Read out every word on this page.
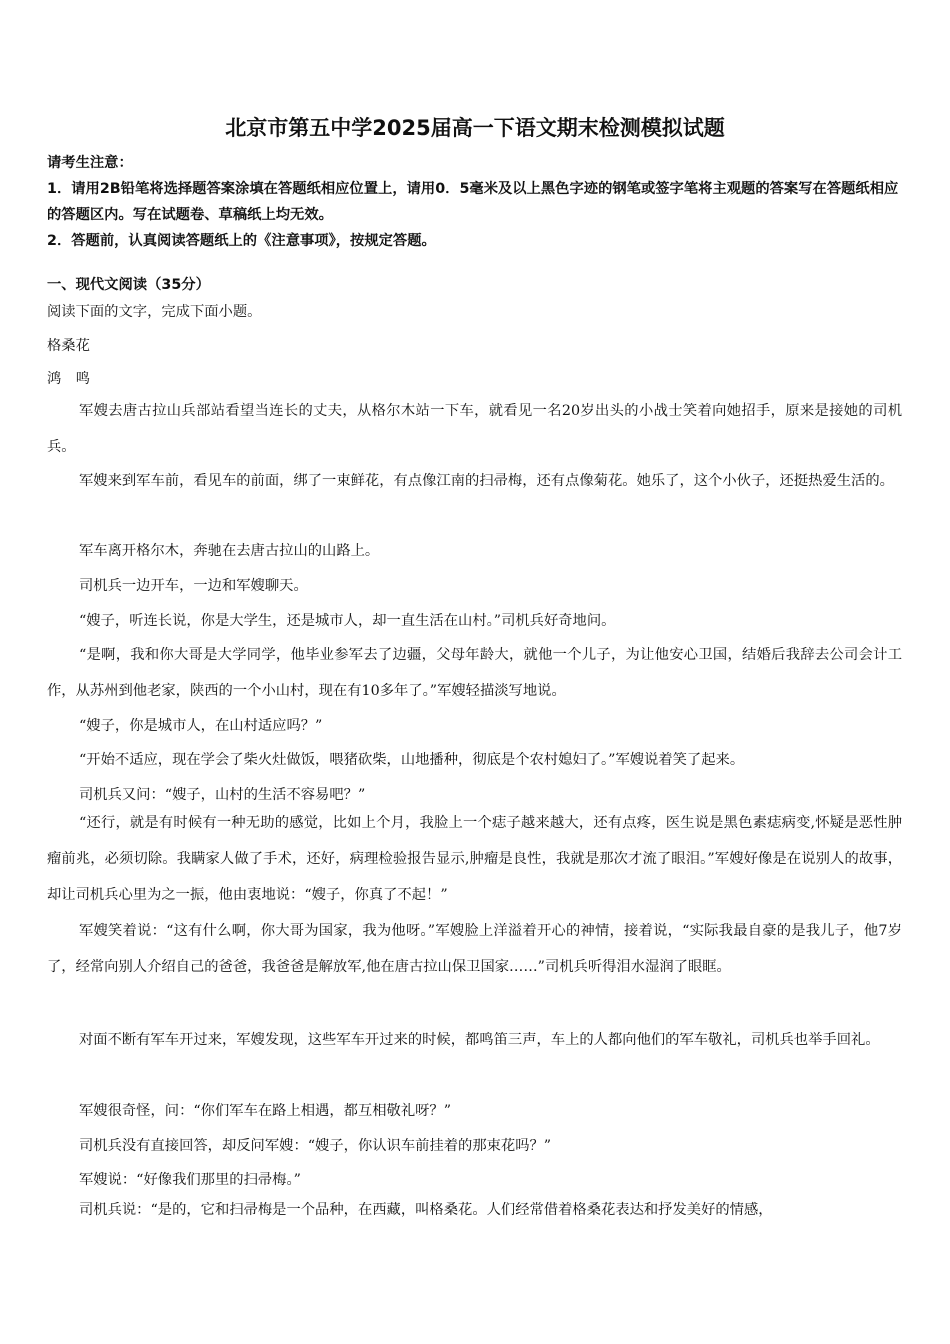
北京市第五中学2025届高一下语文期末检测模拟试题
请考生注意：
1．请用2B铅笔将选择题答案涂填在答题纸相应位置上，请用0．5毫米及以上黑色字迹的钢笔或签字笔将主观题的答案写在答题纸相应的答题区内。写在试题卷、草稿纸上均无效。
2．答题前，认真阅读答题纸上的《注意事项》，按规定答题。
一、现代文阅读（35分）
阅读下面的文字，完成下面小题。
格桑花
鸿　鸣
军嫂去唐古拉山兵部站看望当连长的丈夫，从格尔木站一下车，就看见一名20岁出头的小战士笑着向她招手，原来是接她的司机兵。
军嫂来到军车前，看见车的前面，绑了一束鲜花，有点像江南的扫帚梅，还有点像菊花。她乐了，这个小伙子，还挺热爱生活的。
军车离开格尔木，奔驰在去唐古拉山的山路上。
司机兵一边开车，一边和军嫂聊天。
“嫂子，听连长说，你是大学生，还是城市人，却一直生活在山村。”司机兵好奇地问。
“是啊，我和你大哥是大学同学，他毕业参军去了边疆，父母年龄大，就他一个儿子，为让他安心卫国，结婚后我辞去公司会计工作，从苏州到他老家，陕西的一个小山村，现在有10多年了。”军嫂轻描淡写地说。
“嫂子，你是城市人，在山村适应吗？”
“开始不适应，现在学会了柴火灶做饭，喂猪砍柴，山地播种，彻底是个农村媳妇了。”军嫂说着笑了起来。
司机兵又问：“嫂子，山村的生活不容易吧？”
“还行，就是有时候有一种无助的感觉，比如上个月，我脸上一个痣子越来越大，还有点疼，医生说是黑色素痣病变,怀疑是恶性肿瘤前兆，必须切除。我瞒家人做了手术，还好，病理检验报告显示,肿瘤是良性，我就是那次才流了眼泪。”军嫂好像是在说别人的故事，却让司机兵心里为之一振，他由衷地说：“嫂子，你真了不起！”
军嫂笑着说：“这有什么啊，你大哥为国家，我为他呀。”军嫂脸上洋溢着开心的神情，接着说，“实际我最自豪的是我儿子，他7岁了，经常向别人介绍自己的爸爸，我爸爸是解放军,他在唐古拉山保卫国家……”司机兵听得泪水湿润了眼眶。
对面不断有军车开过来，军嫂发现，这些军车开过来的时候，都鸣笛三声，车上的人都向他们的军车敬礼，司机兵也举手回礼。
军嫂很奇怪，问：“你们军车在路上相遇，都互相敬礼呀？”
司机兵没有直接回答，却反问军嫂：“嫂子，你认识车前挂着的那束花吗？”
军嫂说：“好像我们那里的扫帚梅。”
司机兵说：“是的，它和扫帚梅是一个品种，在西藏，叫格桑花。人们经常借着格桑花表达和抒发美好的情感，
